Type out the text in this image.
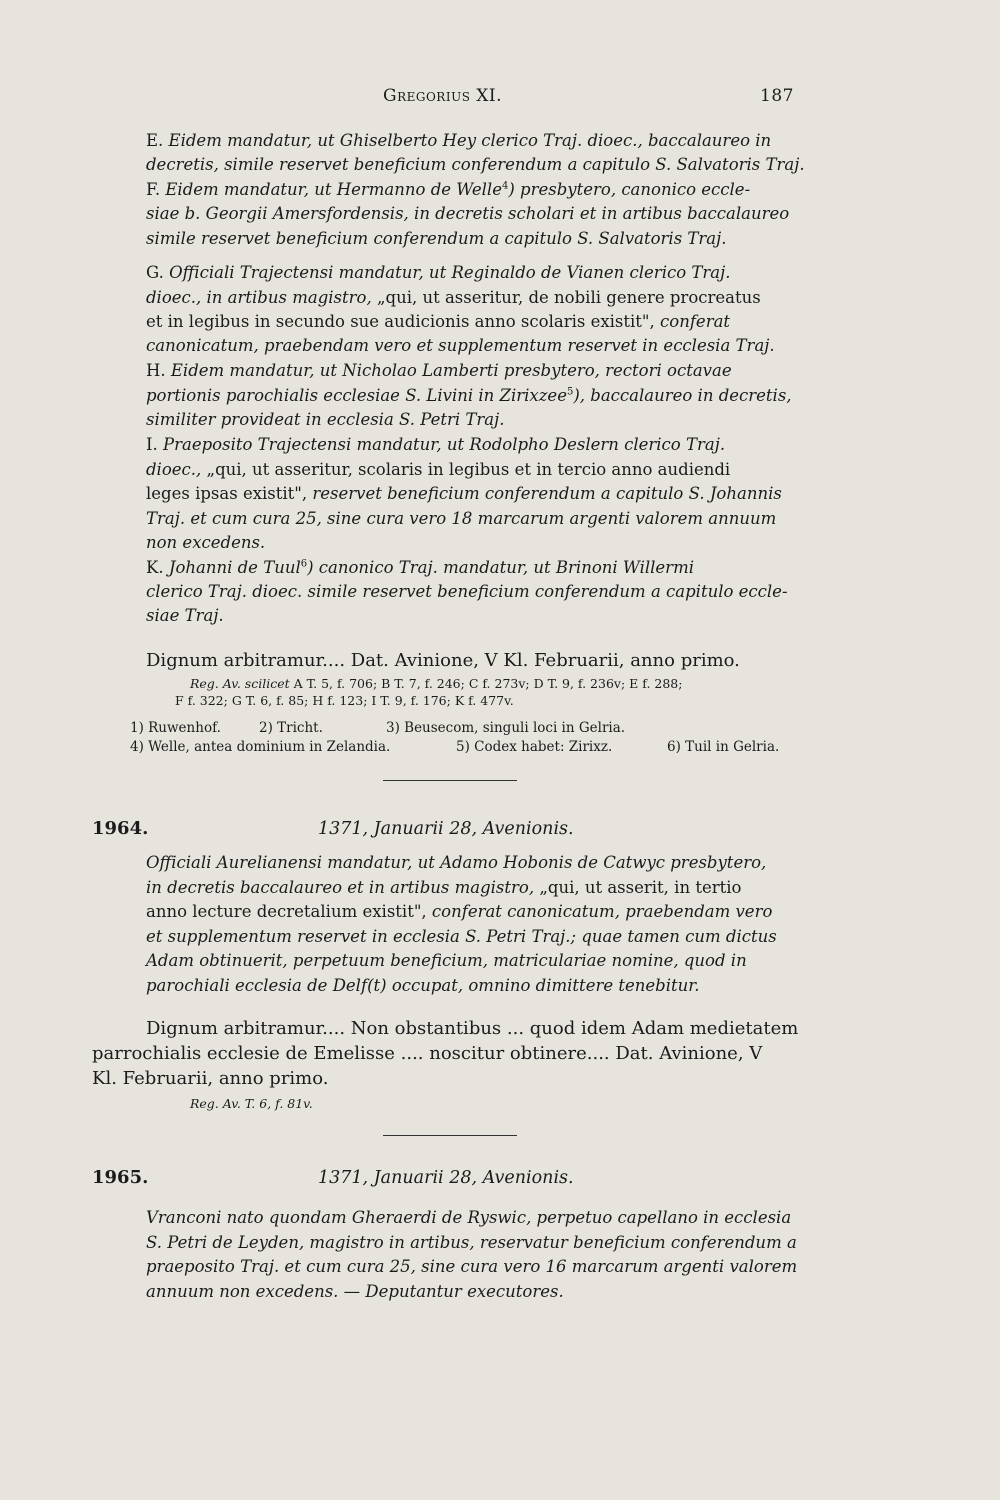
Gregorius XI.	187
E. Eidem mandatur, ut Ghiselberto Hey clerico Traj. dioec., baccalaureo in
decretis, simile reservet beneficium conferendum a capitulo S. Salvatoris Traj.
F. Eidem mandatur, ut Hermanno de Welle$^4$) presbytero, canonico eccle-
siae b. Georgii Amersfordensis, in decretis scholari et in artibus baccalaureo
simile reservet beneficium conferendum a capitulo S. Salvatoris Traj.
G. Officiali Trajectensi mandatur, ut Reginaldo de Vianen clerico Traj.
dioec., in artibus magistro, „qui, ut asseritur, de nobili genere procreatus
et in legibus in secundo sue audicionis anno scolaris existit", conferat
canonicatum, praebendam vero et supplementum reservet in ecclesia Traj.
H. Eidem mandatur, ut Nicholao Lamberti presbytero, rectori octavae
portionis parochialis ecclesiae S. Livini in Zirixzee$^5$), baccalaureo in decretis,
similiter provideat in ecclesia S. Petri Traj.
I. Praeposito Trajectensi mandatur, ut Rodolpho Deslern clerico Traj.
dioec., „qui, ut asseritur, scolaris in legibus et in tercio anno audiendi
leges ipsas existit", reservet beneficium conferendum a capitulo S. Johannis
Traj. et cum cura 25, sine cura vero 18 marcarum argenti valorem annuum
non excedens.
K. Johanni de Tuul$^6$) canonico Traj. mandatur, ut Brinoni Willermi
clerico Traj. dioec. simile reservet beneficium conferendum a capitulo eccle-
siae Traj.
Dignum arbitramur.... Dat. Avinione, V Kl. Februarii, anno primo.
Reg. Av. scilicet A T. 5, f. 706; B T. 7, f. 246; C f. 273v; D T. 9, f. 236v; E f. 288;
F f. 322; G T. 6, f. 85; H f. 123; I T. 9, f. 176; K f. 477v.
1) Ruwenhof.	2) Tricht.	3) Beusecom, singuli loci in Gelria.
4) Welle, antea dominium in Zelandia.	5) Codex habet: Zirixz.	6) Tuil in Gelria.
1964.	1371, Januarii 28, Avenionis.
Officiali Aurelianensi mandatur, ut Adamo Hobonis de Catwyc presbytero,
in decretis baccalaureo et in artibus magistro, „qui, ut asserit, in tertio
anno lecture decretalium existit", conferat canonicatum, praebendam vero
et supplementum reservet in ecclesia S. Petri Traj.; quae tamen cum dictus
Adam obtinuerit, perpetuum beneficium, matriculariae nomine, quod in
parochiali ecclesia de Delf(t) occupat, omnino dimittere tenebitur.
Dignum arbitramur.... Non obstantibus ... quod idem Adam medietatem
parrochialis ecclesie de Emelisse .... noscitur obtinere.... Dat. Avinione, V
Kl. Februarii, anno primo.
Reg. Av. T. 6, f. 81v.
1965.	1371, Januarii 28, Avenionis.
Vranconi nato quondam Gheraerdi de Ryswic, perpetuo capellano in ecclesia
S. Petri de Leyden, magistro in artibus, reservatur beneficium conferendum a
praeposito Traj. et cum cura 25, sine cura vero 16 marcarum argenti valorem
annuum non excedens. — Deputantur executores.
